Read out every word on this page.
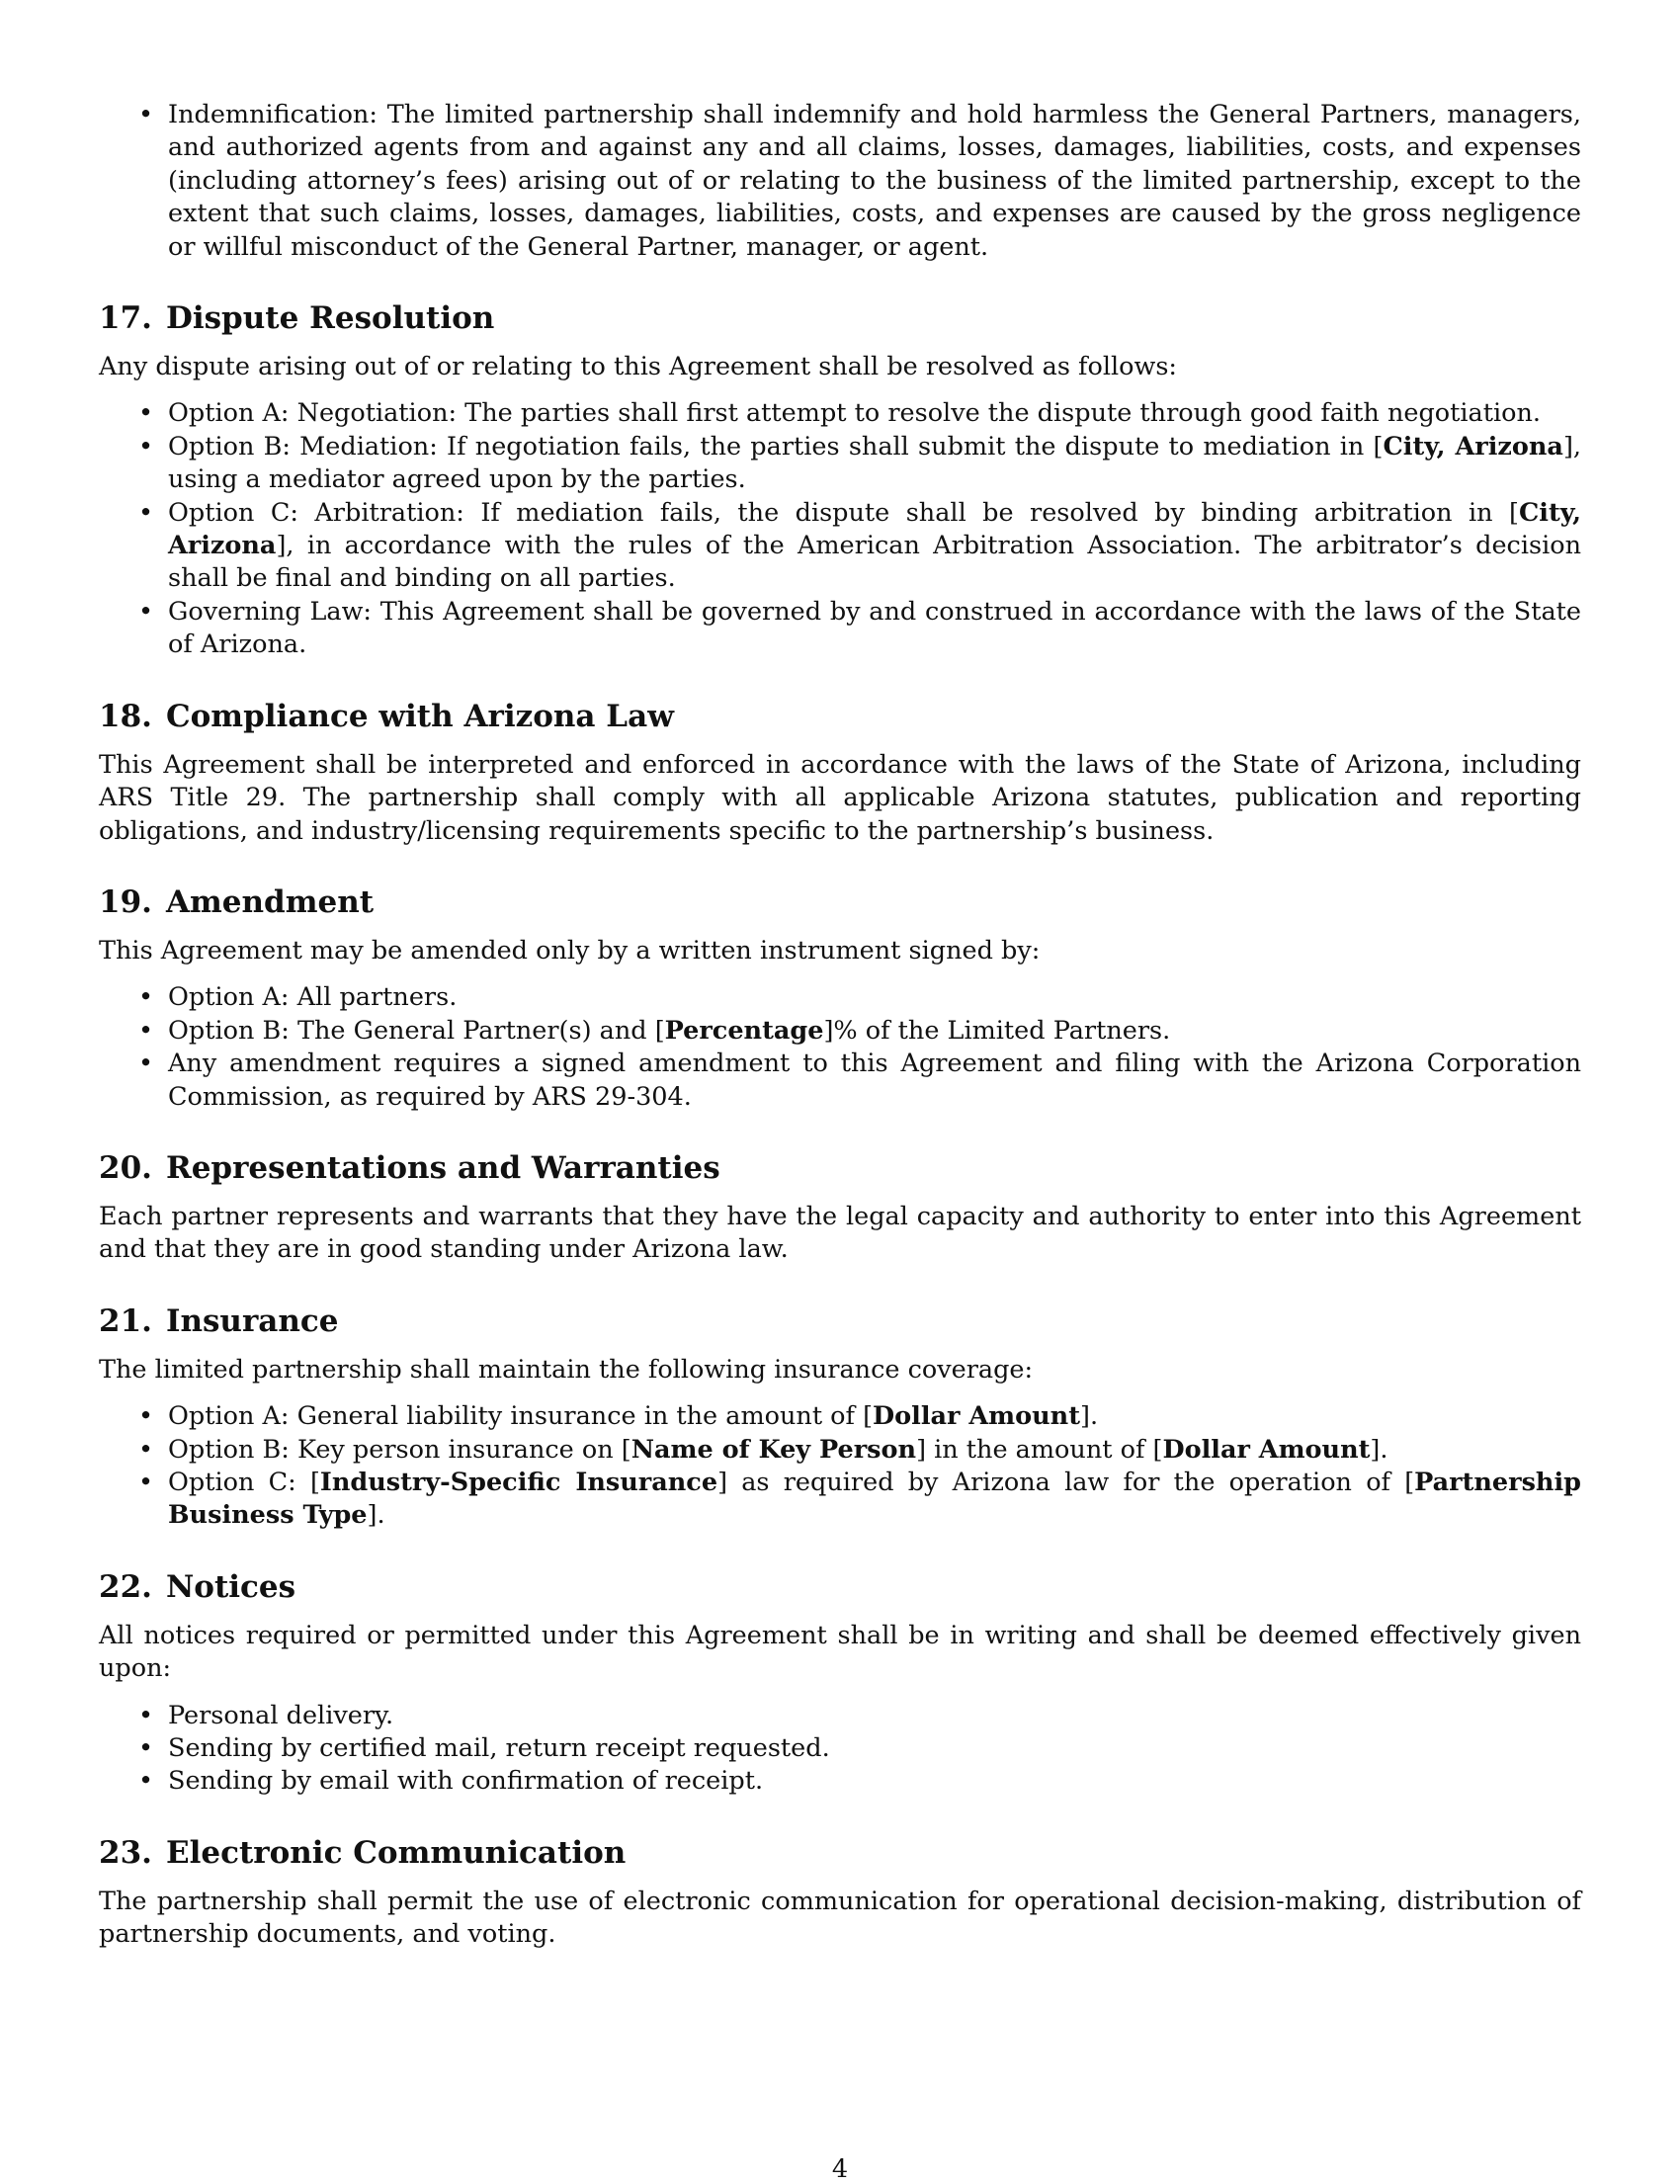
• Indemnification: The limited partnership shall indemnify and hold harmless the General Partners, managers, and authorized agents from and against any and all claims, losses, damages, liabilities, costs, and expenses (including attorney’s fees) arising out of or relating to the business of the limited partnership, except to the extent that such claims, losses, damages, liabilities, costs, and expenses are caused by the gross negligence or willful misconduct of the General Partner, manager, or agent.
17. Dispute Resolution

Any dispute arising out of or relating to this Agreement shall be resolved as follows:

• Option A: Negotiation: The parties shall first attempt to resolve the dispute through good faith negotiation.
• Option B: Mediation: If negotiation fails, the parties shall submit the dispute to mediation in [City, Arizona], using a mediator agreed upon by the parties.
• Option C: Arbitration: If mediation fails, the dispute shall be resolved by binding arbitration in [City, Arizona], in accordance with the rules of the American Arbitration Association. The arbitrator’s decision shall be final and binding on all parties.
• Governing Law: This Agreement shall be governed by and construed in accordance with the laws of the State of Arizona.
18. Compliance with Arizona Law

This Agreement shall be interpreted and enforced in accordance with the laws of the State of Arizona, including ARS Title 29. The partnership shall comply with all applicable Arizona statutes, publication and reporting obligations, and industry/licensing requirements specific to the partnership’s business.

19. Amendment

This Agreement may be amended only by a written instrument signed by:

• Option A: All partners.
• Option B: The General Partner(s) and [Percentage]% of the Limited Partners.
• Any amendment requires a signed amendment to this Agreement and filing with the Arizona Corporation Commission, as required by ARS 29-304.
20. Representations and Warranties

Each partner represents and warrants that they have the legal capacity and authority to enter into this Agreement and that they are in good standing under Arizona law.

21. Insurance

The limited partnership shall maintain the following insurance coverage:

• Option A: General liability insurance in the amount of [Dollar Amount].
• Option B: Key person insurance on [Name of Key Person] in the amount of [Dollar Amount].
• Option C: [Industry-Specific Insurance] as required by Arizona law for the operation of [Partnership Business Type].
22. Notices

All notices required or permitted under this Agreement shall be in writing and shall be deemed effectively given upon:

• Personal delivery.
• Sending by certified mail, return receipt requested.
• Sending by email with confirmation of receipt.
23. Electronic Communication

The partnership shall permit the use of electronic communication for operational decision-making, distribution of partnership documents, and voting.

4
